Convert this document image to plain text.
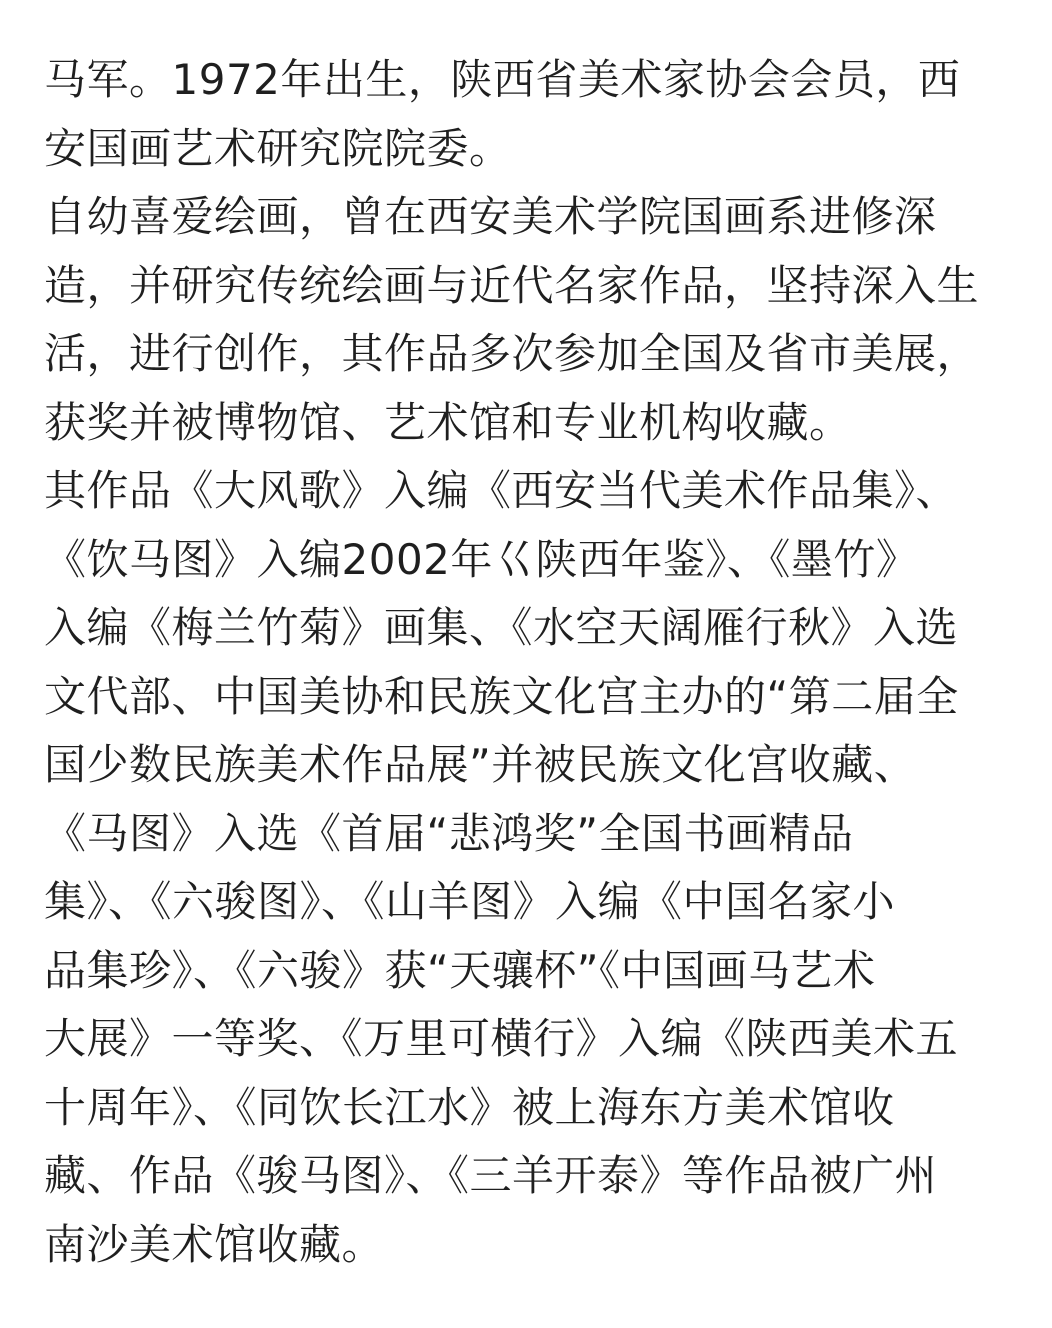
马军。1972年出生，陕西省美术家协会会员，西
安国画艺术研究院院委。
自幼喜爱绘画，曾在西安美术学院国画系进修深
造，并研究传统绘画与近代名家作品，坚持深入生
活，进行创作，其作品多次参加全国及省市美展，
获奖并被博物馆、艺术馆和专业机构收藏。
其作品《大风歌》入编《西安当代美术作品集》、
《饮马图》入编2002年巜陕西年鉴》、《墨竹》
入编《梅兰竹菊》画集、《水空天阔雁行秋》入选
文代部、中国美协和民族文化宫主办的“第二届全
国少数民族美术作品展”并被民族文化宫收藏、
《马图》入选《首届“悲鸿奖”全国书画精品
集》、《六骏图》、《山羊图》入编《中国名家小
品集珍》、《六骏》获“天骧杯”《中国画马艺术
大展》一等奖、《万里可横行》入编《陕西美术五
十周年》、《同饮长江水》被上海东方美术馆收
藏、作品《骏马图》、《三羊开泰》等作品被广州
南沙美术馆收藏。
